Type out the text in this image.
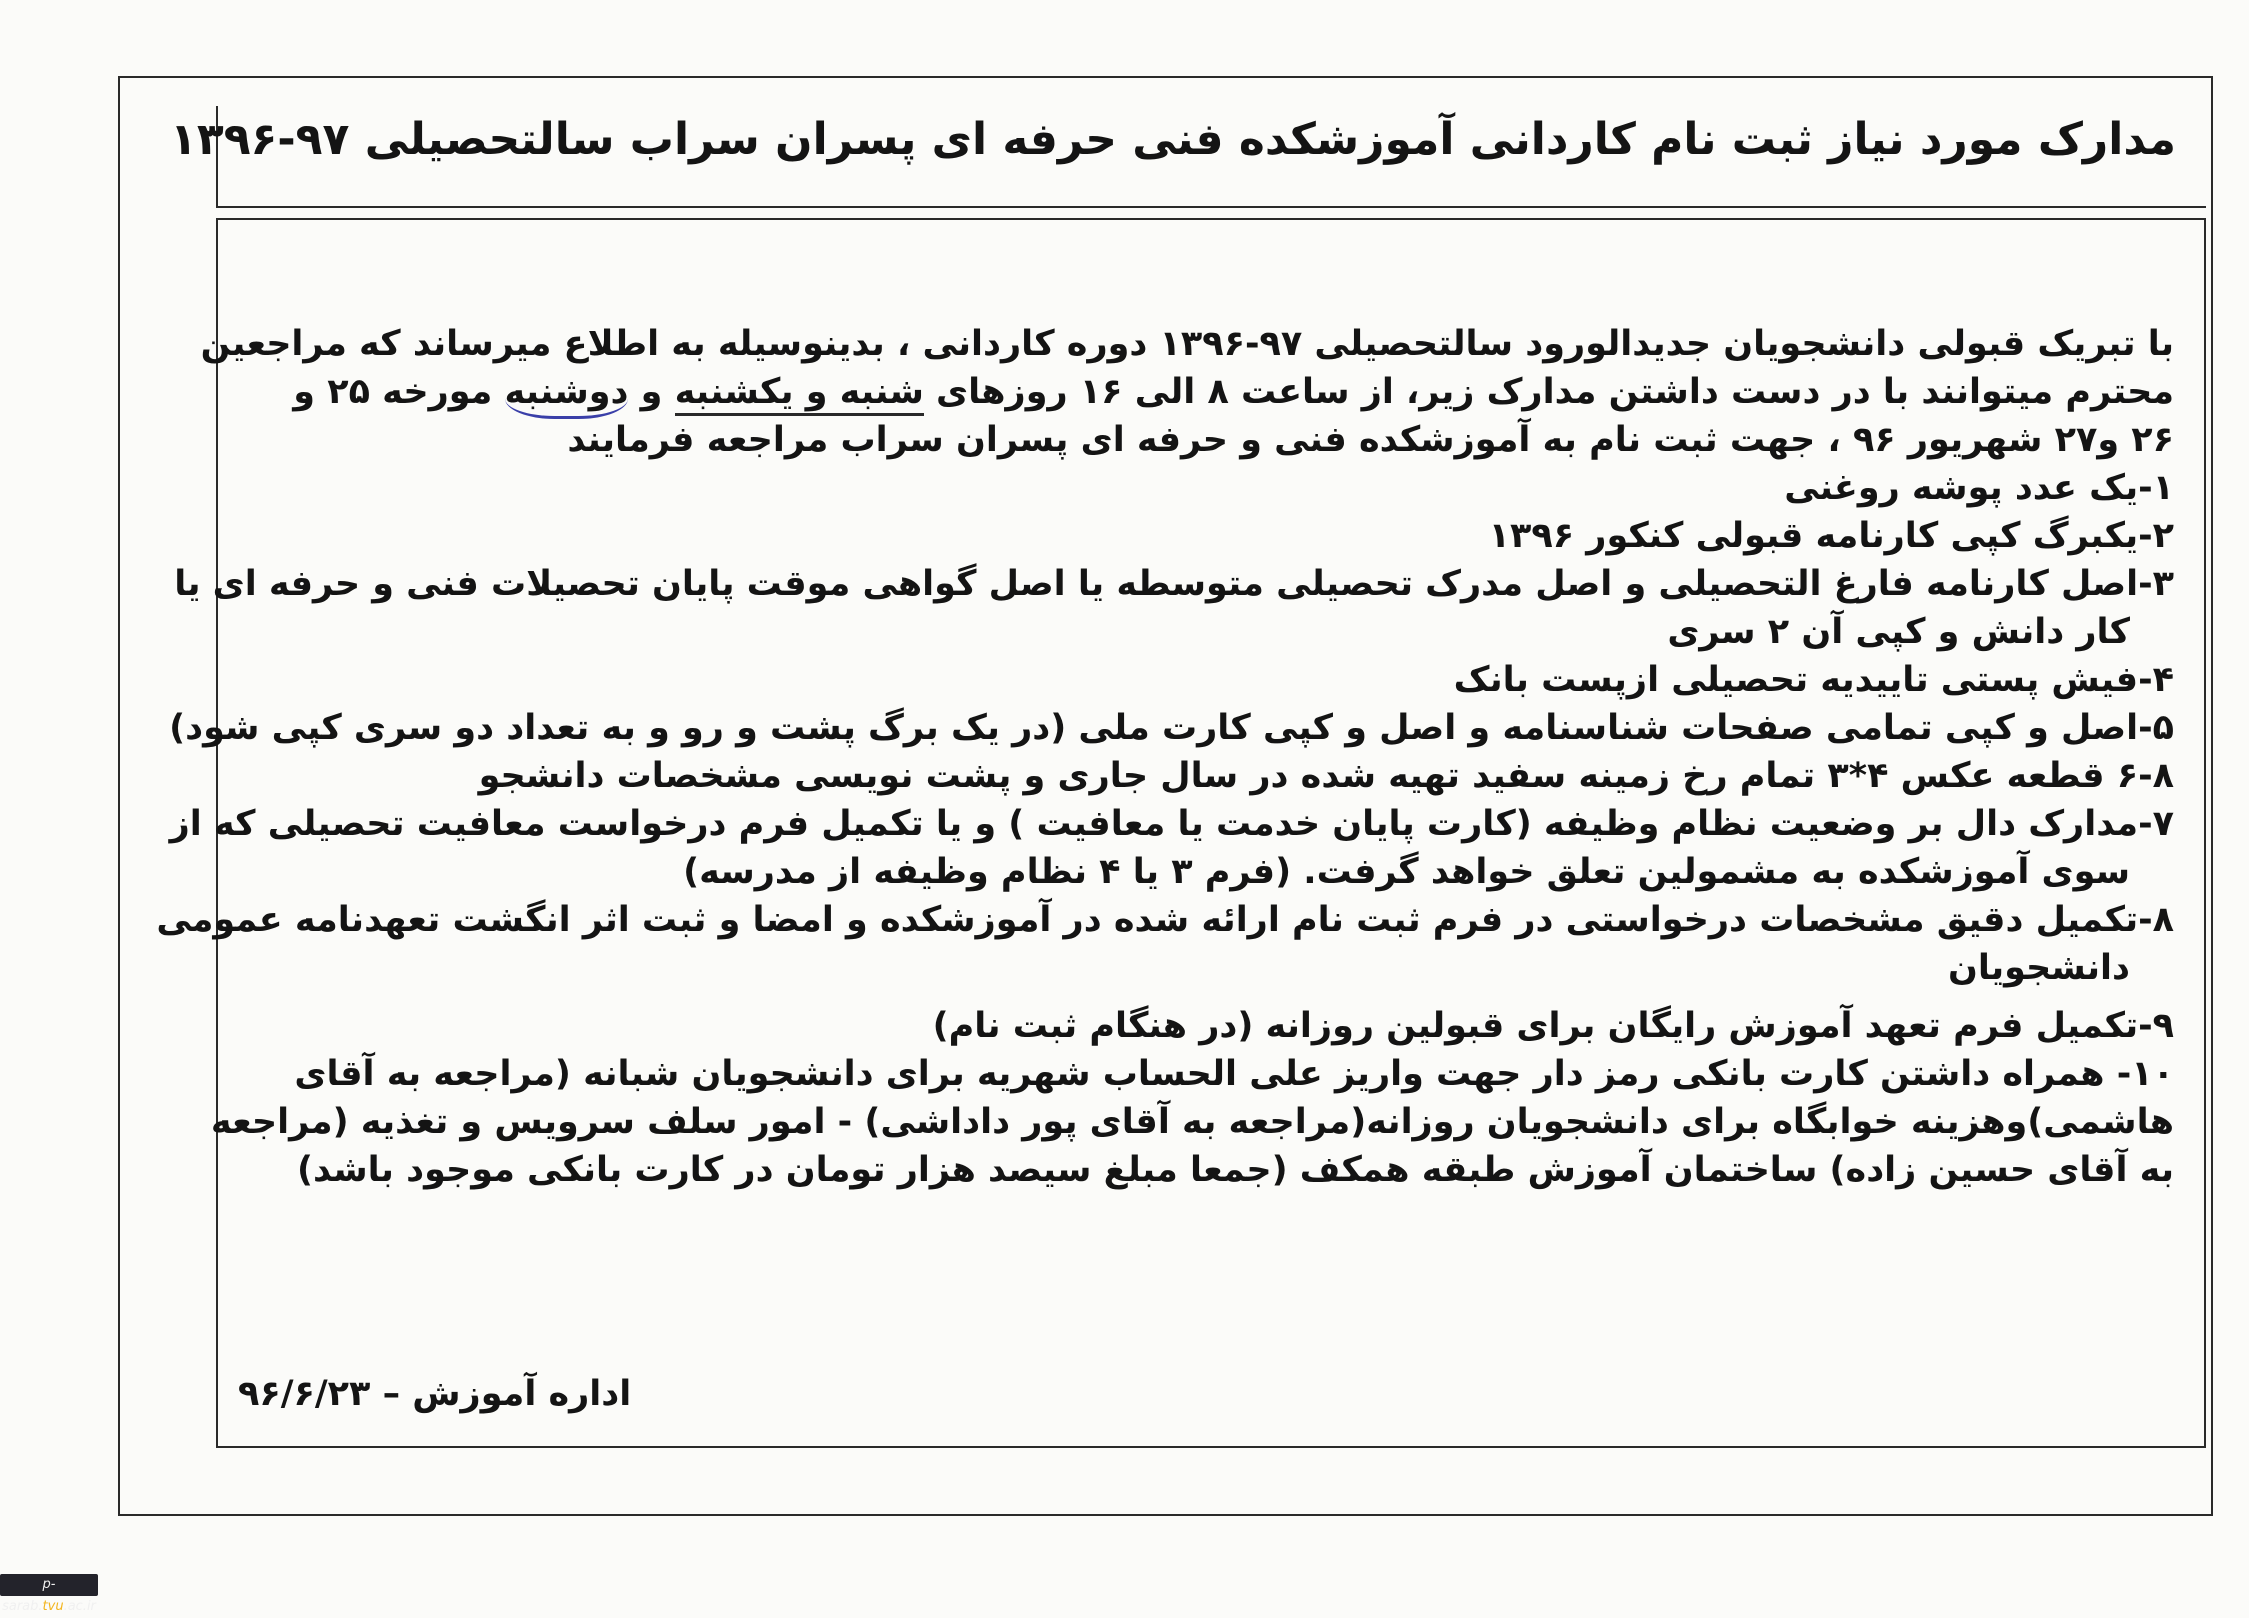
مدارک مورد نیاز ثبت نام کاردانی آموزشکده فنی حرفه ای پسران سراب سالتحصیلی ۹۷-۱۳۹۶
با تبریک قبولی دانشجویان جدیدالورود سالتحصیلی ۹۷-۱۳۹۶ دوره کاردانی ، بدینوسیله به اطلاع میرساند که مراجعین
محترم میتوانند با در دست داشتن مدارک زیر، از ساعت ۸ الی ۱۶ روزهای شنبه و یکشنبه و دوشنبه مورخه ۲۵ و
۲۶ و۲۷ شهریور ۹۶ ، جهت ثبت نام به آموزشکده فنی و حرفه ای پسران سراب مراجعه فرمایند
۱-یک عدد پوشه روغنی
۲-یکبرگ کپی کارنامه قبولی کنکور ۱۳۹۶
۳-اصل کارنامه فارغ التحصیلی و اصل مدرک تحصیلی متوسطه یا اصل گواهی موقت پایان تحصیلات فنی و حرفه ای یا
کار دانش و کپی آن ۲ سری
۴-فیش پستی تاییدیه تحصیلی ازپست بانک
۵-اصل و کپی تمامی صفحات شناسنامه و اصل و کپی کارت ملی (در یک برگ پشت و رو و به تعداد دو سری کپی شود)
۶-۸ قطعه عکس ۴*۳ تمام رخ زمینه سفید تهیه شده در سال جاری و پشت نویسی مشخصات دانشجو
۷-مدارک دال بر وضعیت نظام وظیفه (کارت پایان خدمت یا معافیت ) و یا تکمیل فرم درخواست معافیت تحصیلی که از
سوی آموزشکده به مشمولین تعلق خواهد گرفت. (فرم ۳ یا ۴ نظام وظیفه از مدرسه)
۸-تکمیل دقیق مشخصات درخواستی در فرم ثبت نام ارائه شده در آموزشکده و امضا و ثبت اثر انگشت تعهدنامه عمومی
دانشجویان
۹-تکمیل فرم تعهد آموزش رایگان برای قبولین روزانه (در هنگام ثبت نام)
۱۰- همراه داشتن کارت بانکی رمز دار جهت واریز علی الحساب شهریه برای دانشجویان شبانه (مراجعه به آقای
هاشمی)وهزینه خوابگاه برای دانشجویان روزانه(مراجعه به آقای پور داداشی) - امور سلف سرویس و تغذیه (مراجعه
به آقای حسین زاده) ساختمان آموزش طبقه همکف (جمعا مبلغ سیصد هزار تومان در کارت بانکی موجود باشد)
اداره آموزش – ۹۶/۶/۲۳
p-sarab.tvu.ac.ir
